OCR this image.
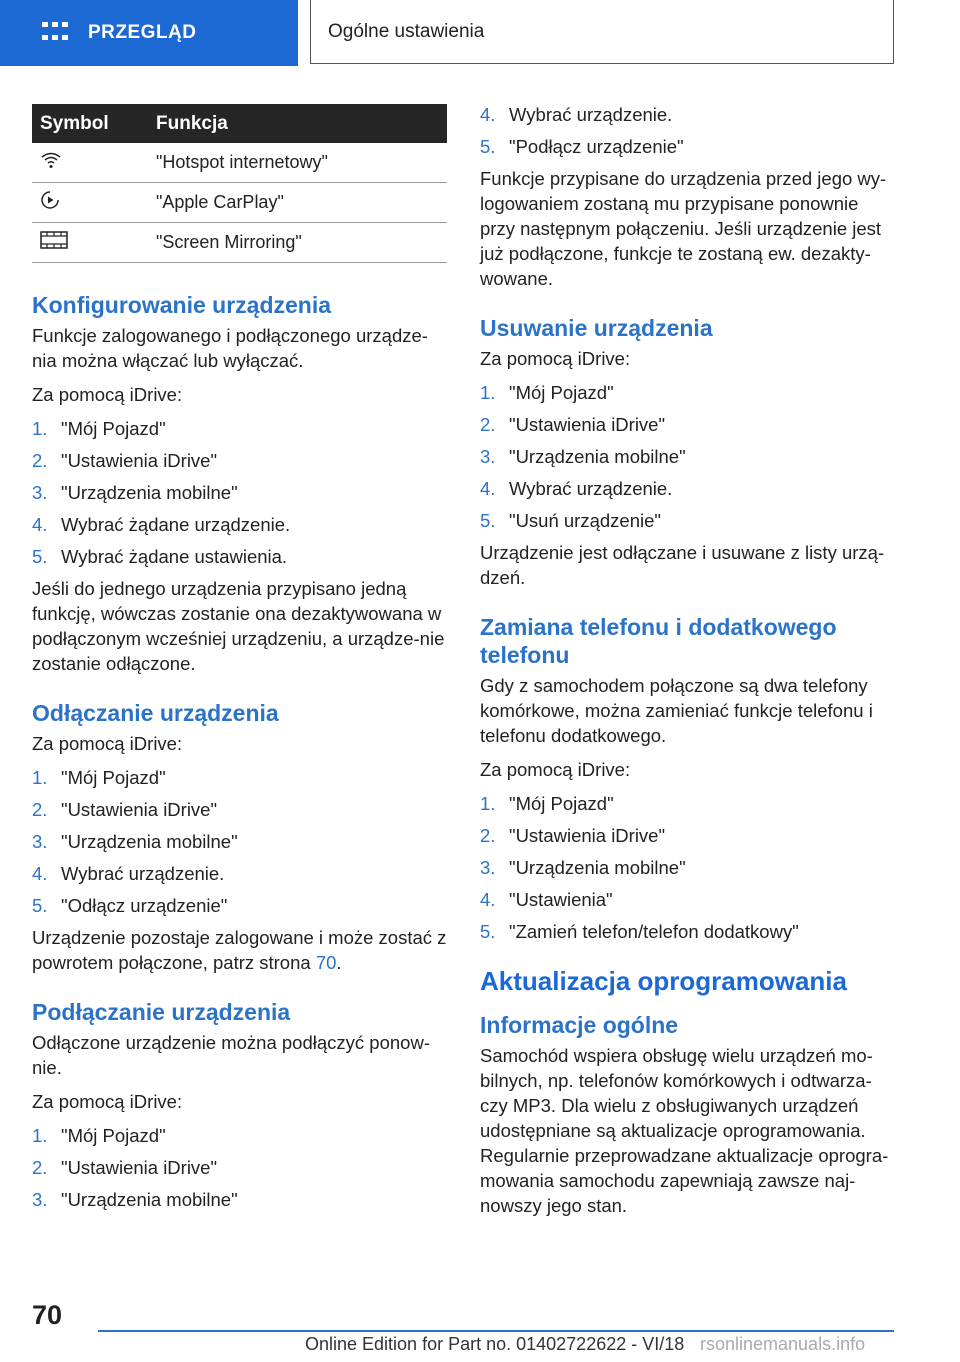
PRZEGLĄD	Ogólne ustawienia
Symbol	Funkcja
	"Hotspot internetowy"
	"Apple CarPlay"
	"Screen Mirroring"
Konfigurowanie urządzenia
Funkcje zalogowanego i podłączonego urządze-nia można włączać lub wyłączać.
Za pomocą iDrive:
1. "Mój Pojazd"
2. "Ustawienia iDrive"
3. "Urządzenia mobilne"
4. Wybrać żądane urządzenie.
5. Wybrać żądane ustawienia.
Jeśli do jednego urządzenia przypisano jedną funkcję, wówczas zostanie ona dezaktywowana w podłączonym wcześniej urządzeniu, a urządze-nie zostanie odłączone.
Odłączanie urządzenia
Za pomocą iDrive:
1. "Mój Pojazd"
2. "Ustawienia iDrive"
3. "Urządzenia mobilne"
4. Wybrać urządzenie.
5. "Odłącz urządzenie"
Urządzenie pozostaje zalogowane i może zostać z powrotem połączone, patrz strona 70.
Podłączanie urządzenia
Odłączone urządzenie można podłączyć ponow-nie.
Za pomocą iDrive:
1. "Mój Pojazd"
2. "Ustawienia iDrive"
3. "Urządzenia mobilne"
4. Wybrać urządzenie.
5. "Podłącz urządzenie"
Funkcje przypisane do urządzenia przed jego wy-logowaniem zostaną mu przypisane ponownie przy następnym połączeniu. Jeśli urządzenie jest już podłączone, funkcje te zostaną ew. dezakty-wowane.
Usuwanie urządzenia
Za pomocą iDrive:
1. "Mój Pojazd"
2. "Ustawienia iDrive"
3. "Urządzenia mobilne"
4. Wybrać urządzenie.
5. "Usuń urządzenie"
Urządzenie jest odłączane i usuwane z listy urzą-dzeń.
Zamiana telefonu i dodatkowego telefonu
Gdy z samochodem połączone są dwa telefony komórkowe, można zamieniać funkcje telefonu i telefonu dodatkowego.
Za pomocą iDrive:
1. "Mój Pojazd"
2. "Ustawienia iDrive"
3. "Urządzenia mobilne"
4. "Ustawienia"
5. "Zamień telefon/telefon dodatkowy"
Aktualizacja oprogramowania
Informacje ogólne
Samochód wspiera obsługę wielu urządzeń mo-bilnych, np. telefonów komórkowych i odtwarza-czy MP3. Dla wielu z obsługiwanych urządzeń udostępniane są aktualizacje oprogramowania. Regularnie przeprowadzane aktualizacje oprogra-mowania samochodu zapewniają zawsze naj-nowszy jego stan.
70
Online Edition for Part no. 01402722622 - VI/18 rsonlinemanuals.info
